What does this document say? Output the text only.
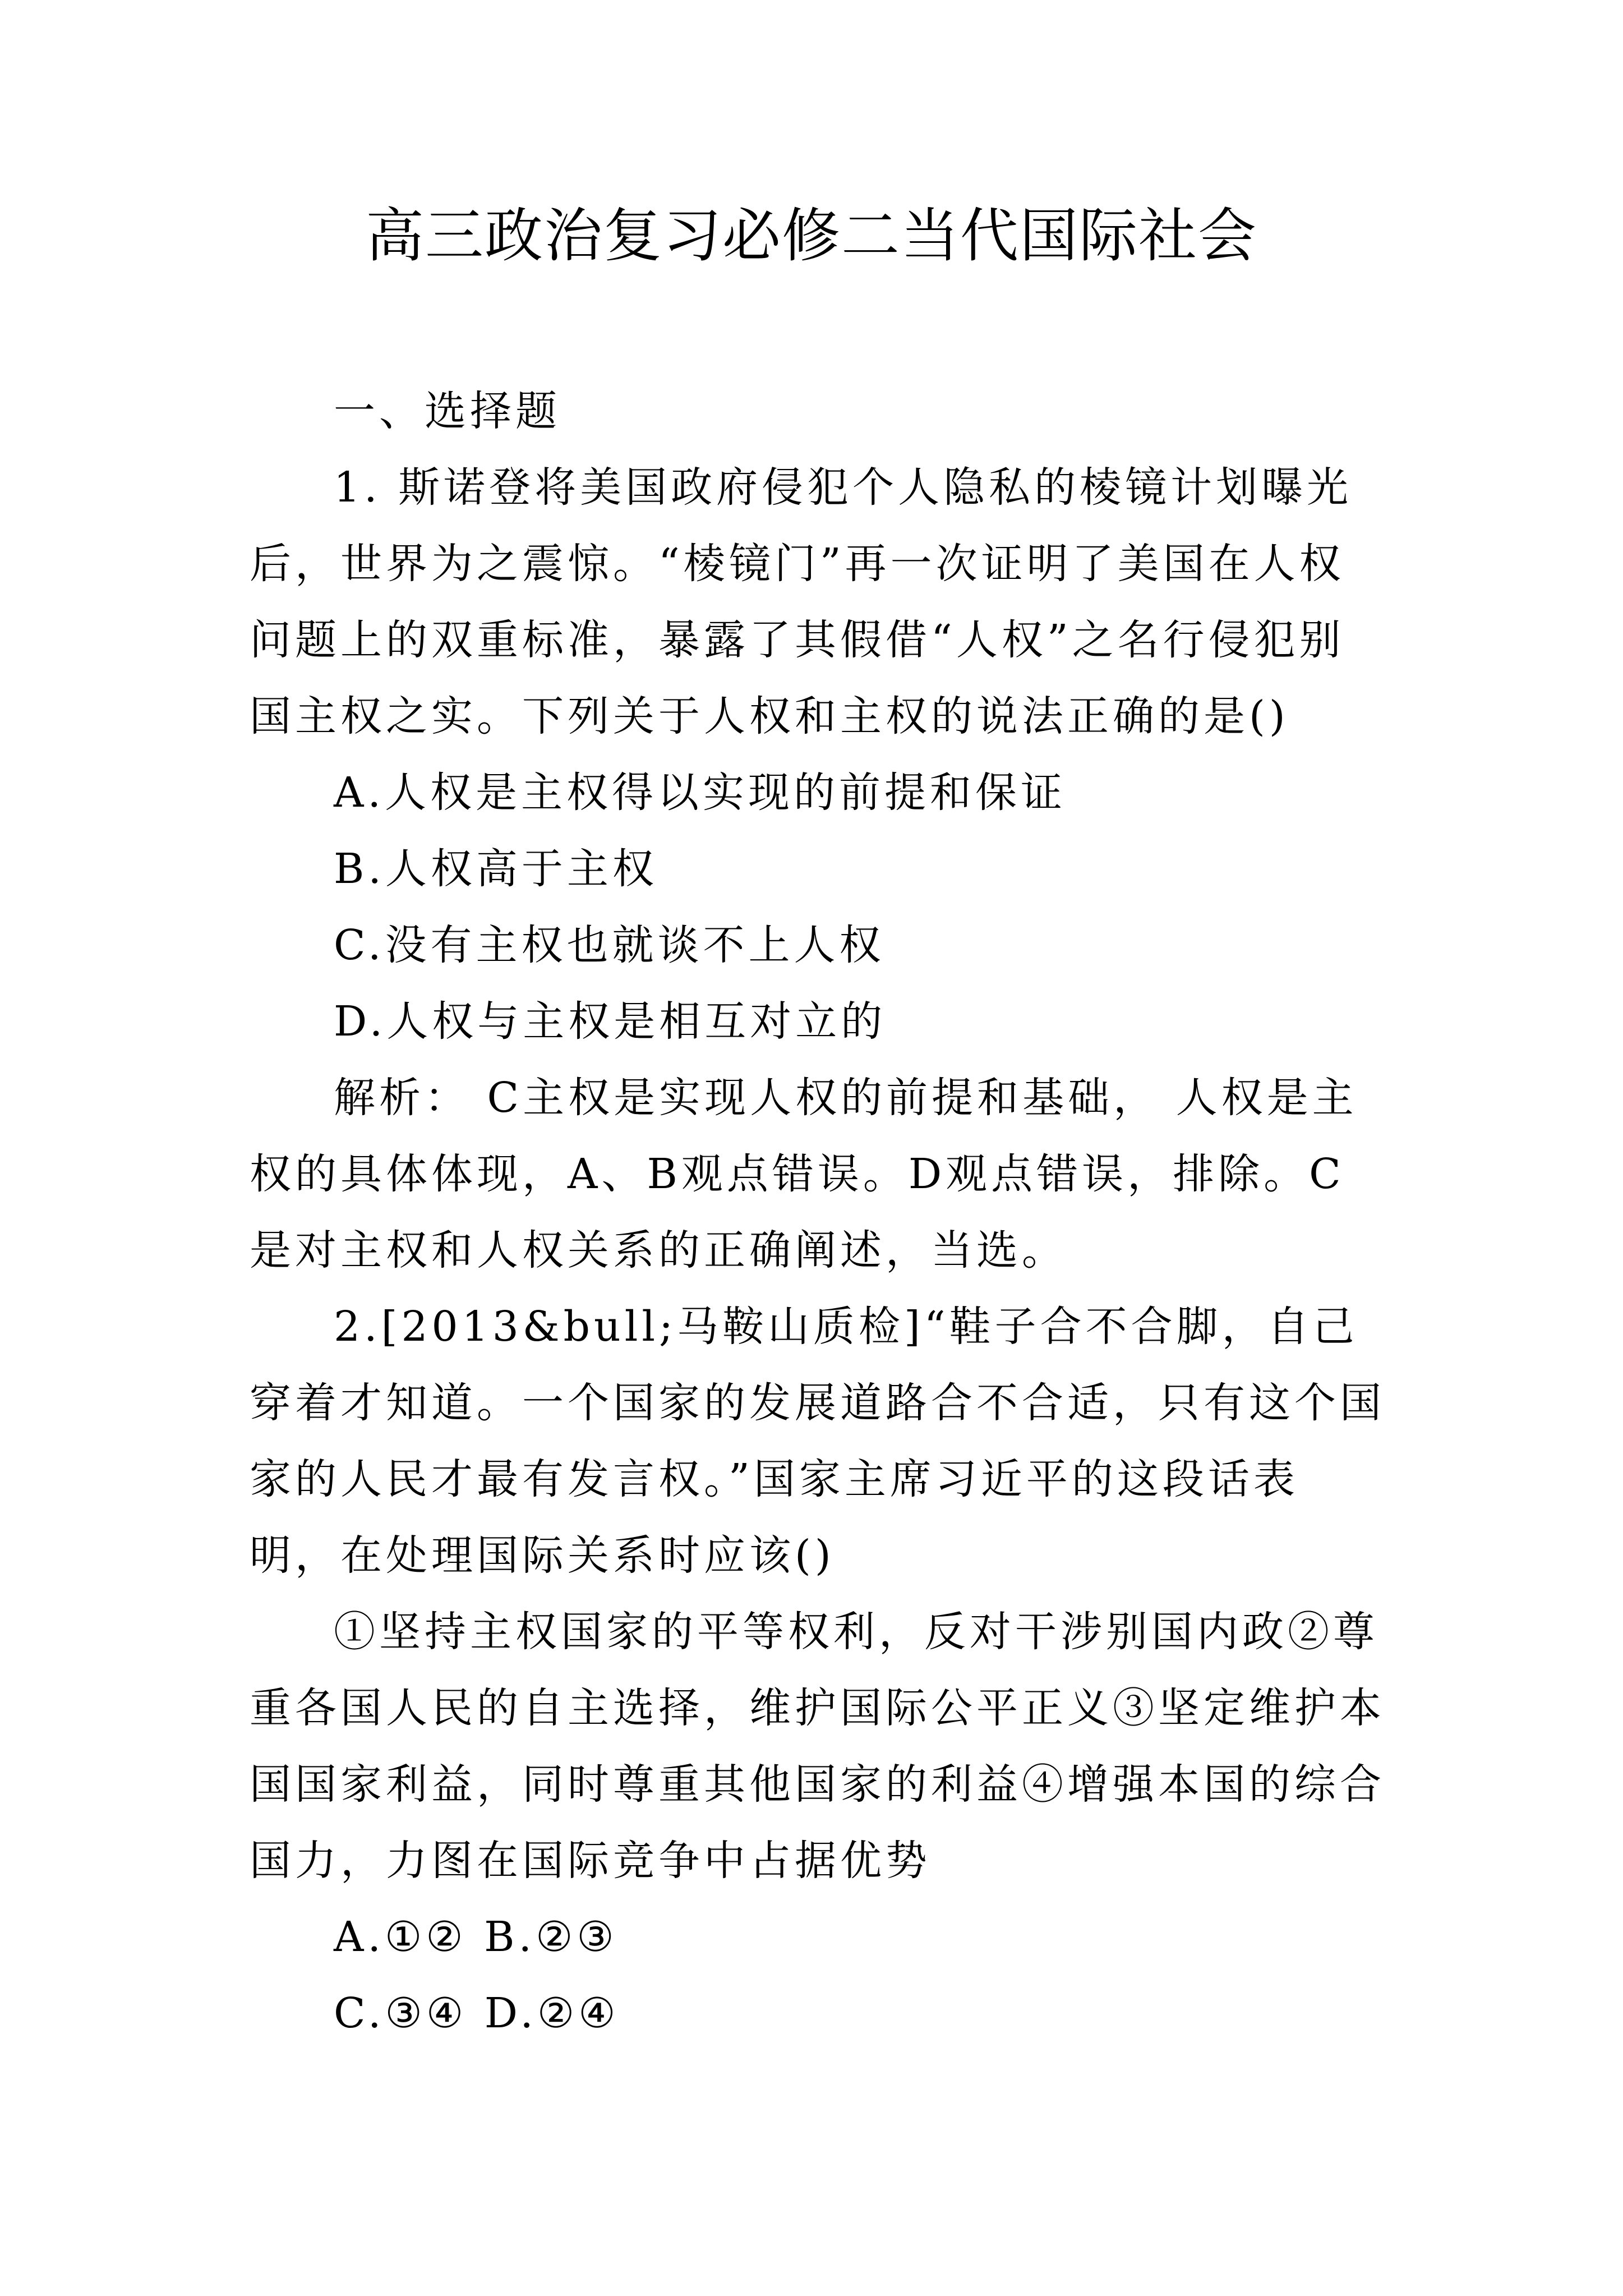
高三政治复习必修二当代国际社会

一、选择题

1. 斯诺登将美国政府侵犯个人隐私的棱镜计划曝光后，世界为之震惊。“棱镜门”再一次证明了美国在人权问题上的双重标准，暴露了其假借“人权”之名行侵犯别国主权之实。下列关于人权和主权的说法正确的是()

A.人权是主权得以实现的前提和保证

B.人权高于主权

C.没有主权也就谈不上人权

D.人权与主权是相互对立的

解析： C主权是实现人权的前提和基础， 人权是主权的具体体现，A、B观点错误。D观点错误，排除。C是对主权和人权关系的正确阐述，当选。

2.[2013&bull;马鞍山质检]“鞋子合不合脚，自己穿着才知道。一个国家的发展道路合不合适，只有这个国家的人民才最有发言权。”国家主席习近平的这段话表明，在处理国际关系时应该()

①坚持主权国家的平等权利，反对干涉别国内政②尊重各国人民的自主选择，维护国际公平正义③坚定维护本国国家利益，同时尊重其他国家的利益④增强本国的综合国力，力图在国际竞争中占据优势

A.①② B.②③

C.③④ D.②④
